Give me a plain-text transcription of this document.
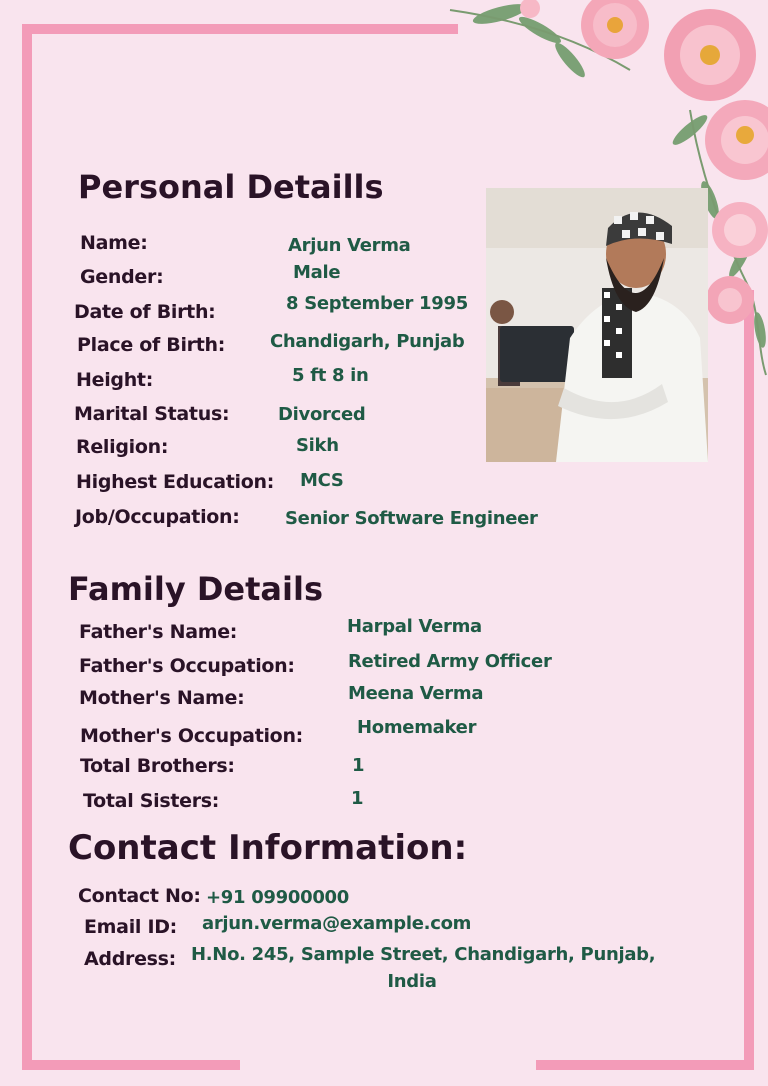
Personal Detaills
Name:	Arjun Verma
Gender:	Male
Date of Birth:	8 September 1995
Place of Birth: Chandigarh, Punjab
Height:	5 ft 8 in
Marital Status:	Divorced
Religion:	Sikh
Highest Education: MCS
Job/Occupation:	Senior Software Engineer
Family Details
Father's Name:	Harpal Verma
Father's Occupation:	Retired Army Officer
Mother's Name:	Meena Verma
Mother's Occupation:	Homemaker
Total Brothers:	1
Total Sisters:	1
Contact Information:
Contact No: +91 09900000
Email ID: arjun.verma@example.com
Address: H.No. 245, Sample Street, Chandigarh, Punjab,
India
